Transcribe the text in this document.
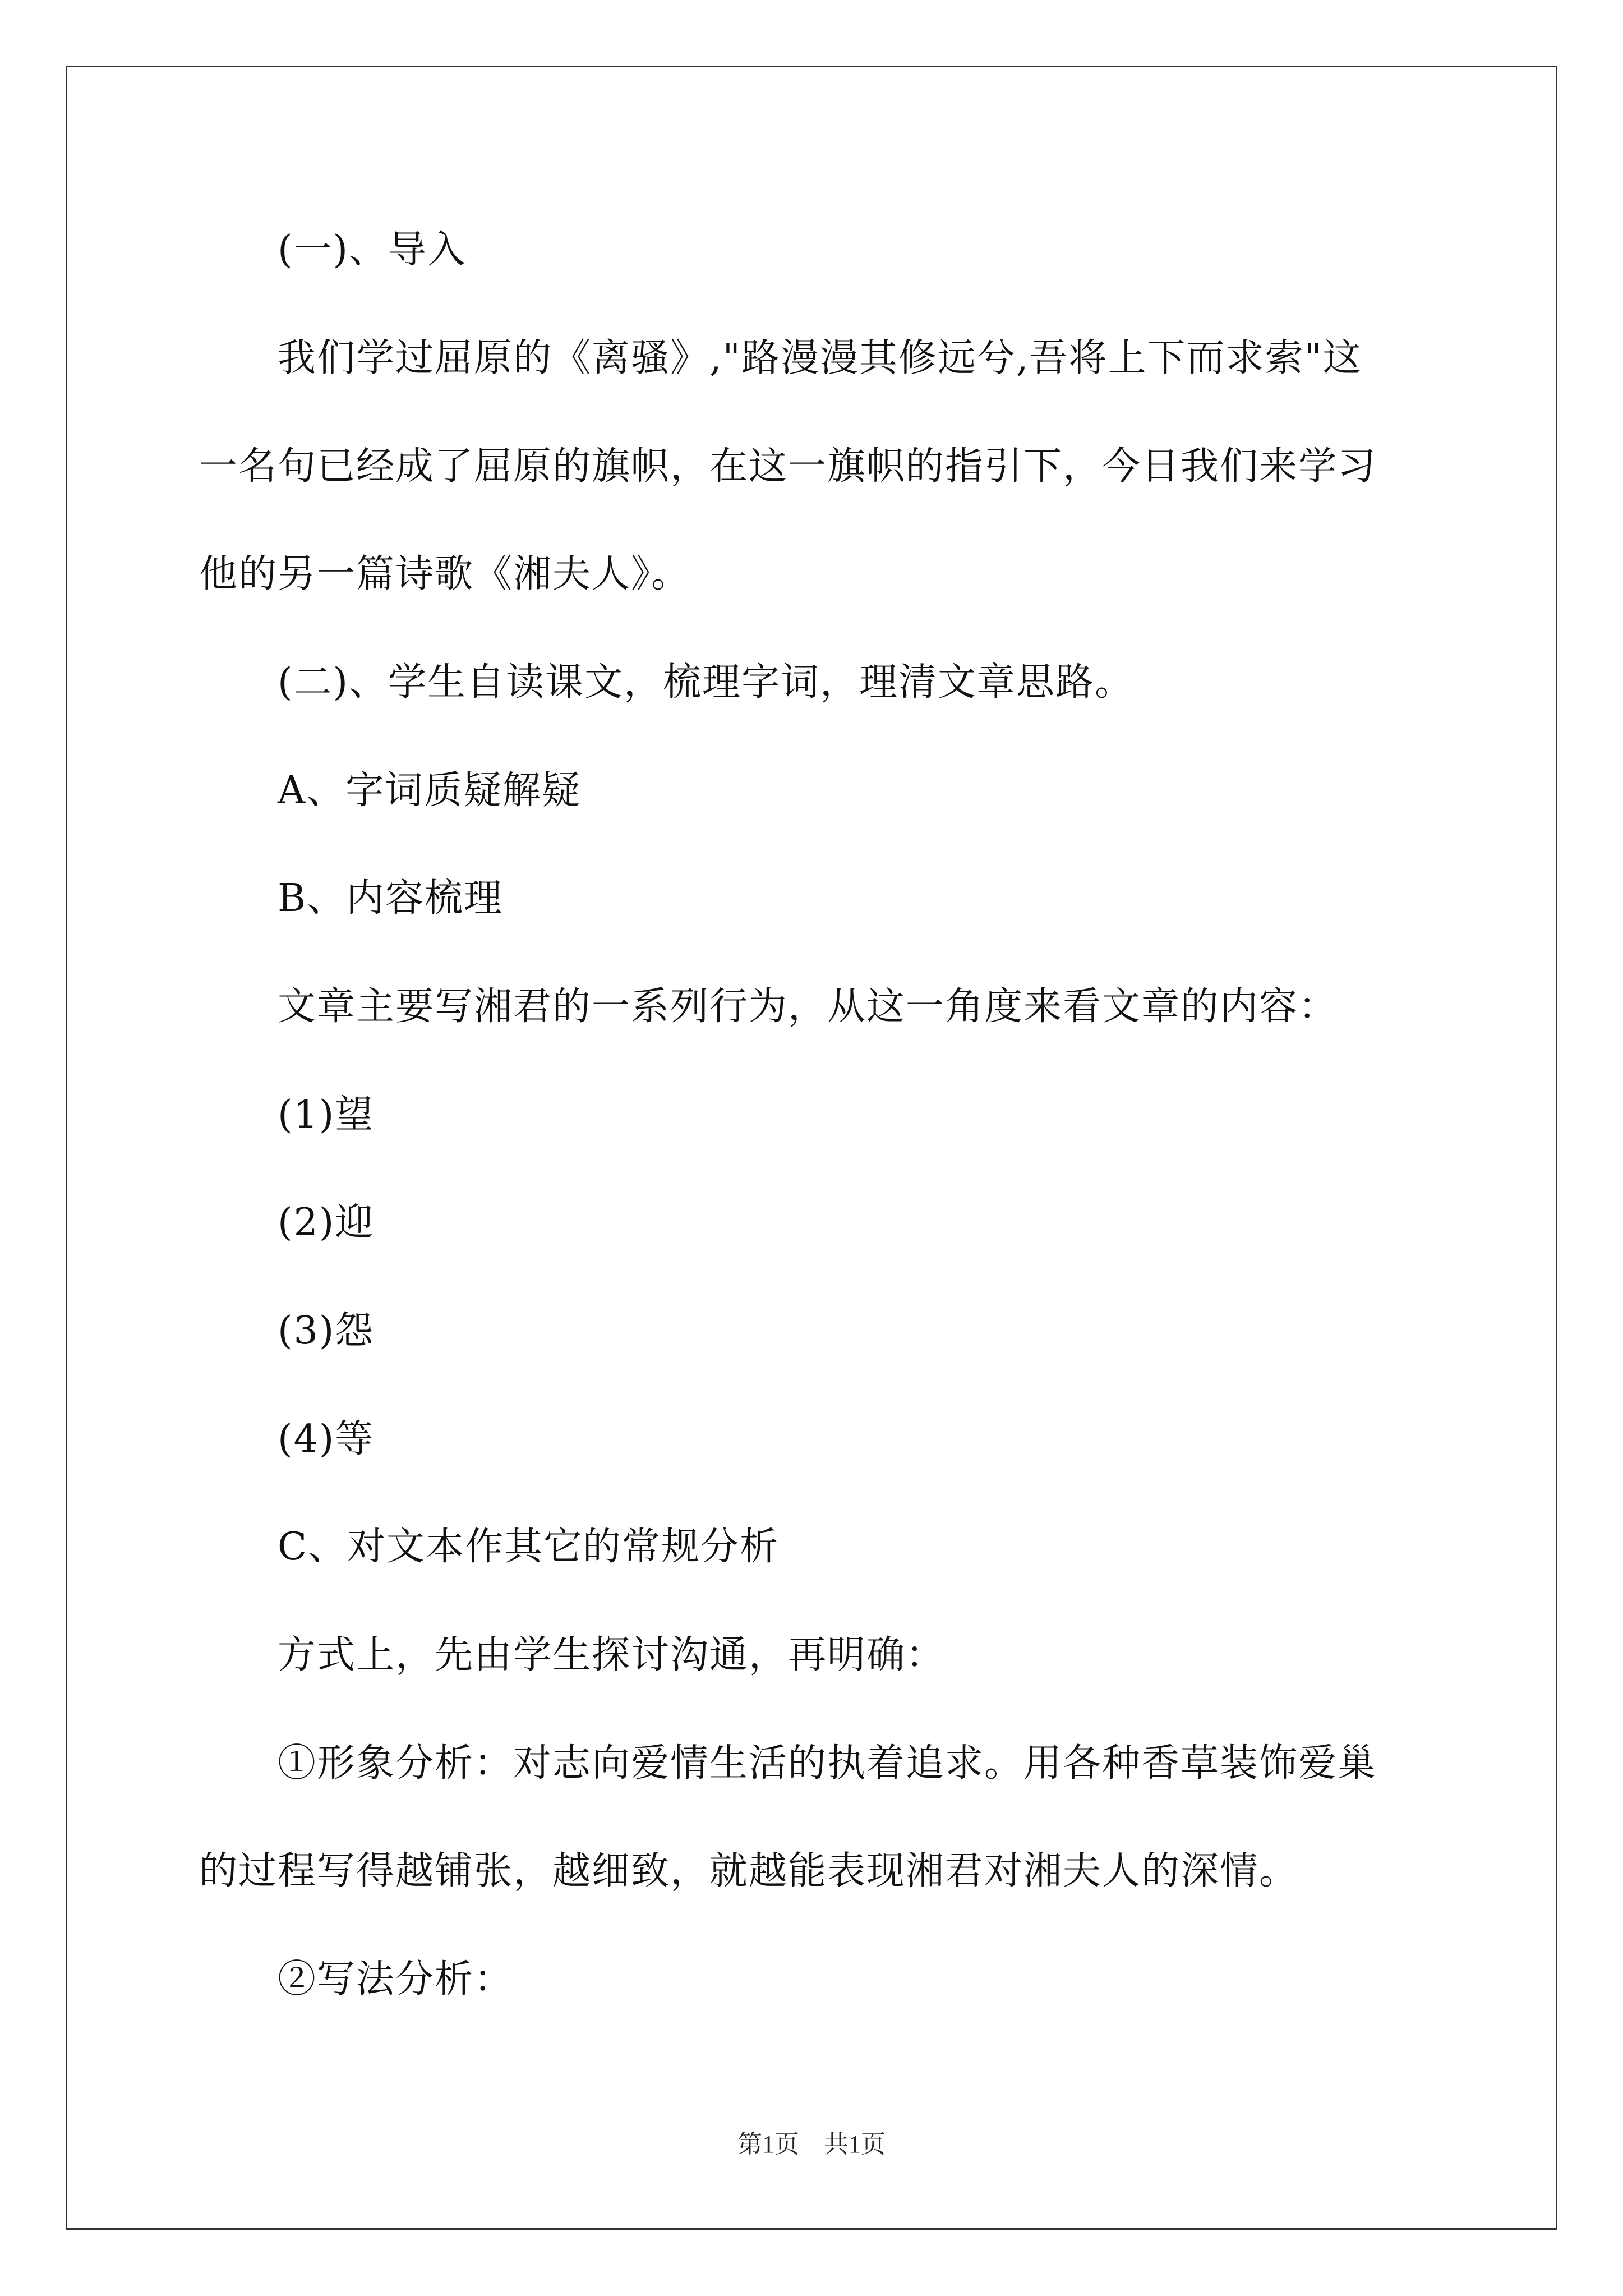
(一)、导入

我们学过屈原的《离骚》,"路漫漫其修远兮,吾将上下而求索"这

一名句已经成了屈原的旗帜，在这一旗帜的指引下，今日我们来学习

他的另一篇诗歌《湘夫人》。

(二)、学生自读课文，梳理字词，理清文章思路。

A、字词质疑解疑

B、内容梳理

文章主要写湘君的一系列行为，从这一角度来看文章的内容：

(1)望

(2)迎

(3)怨

(4)等

C、对文本作其它的常规分析

方式上，先由学生探讨沟通，再明确：

①形象分析：对志向爱情生活的执着追求。用各种香草装饰爱巢

的过程写得越铺张，越细致，就越能表现湘君对湘夫人的深情。

②写法分析：

第1页 共1页
